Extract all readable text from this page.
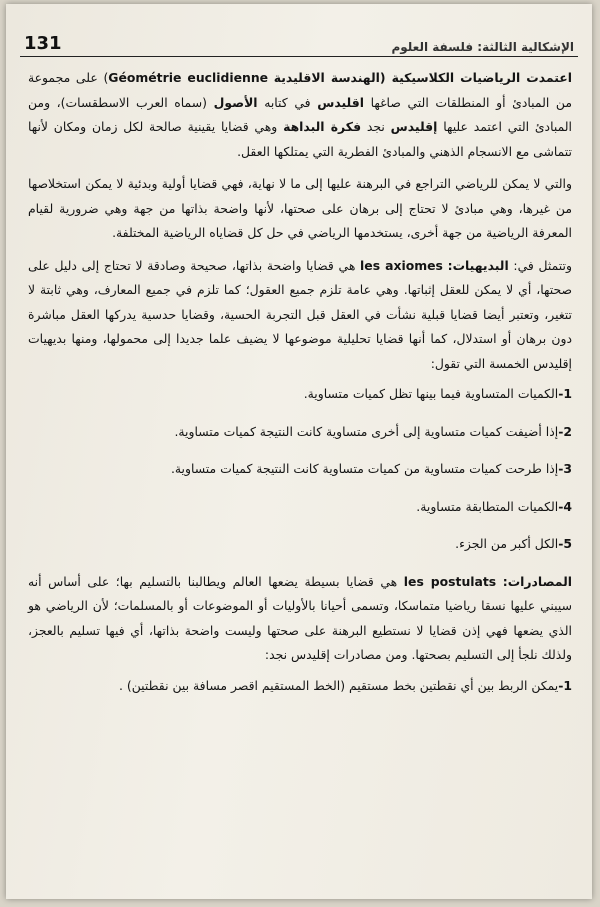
131	الإشكالية الثالثة: فلسفة العلوم

اعتمدت الرياضيات الكلاسيكية (الهندسة الاقليدية Géométrie euclidienne) على مجموعة من المبادئ أو المنطلقات التي صاغها اقليدس في كتابه الأصول (سماه العرب الاسطقسات)، ومن المبادئ التي اعتمد عليها إقليدس نجد فكرة البداهة وهي قضايا يقينية صالحة لكل زمان ومكان لأنها تتماشى مع الانسجام الذهني والمبادئ الفطرية التي يمتلكها العقل.

والتي لا يمكن للرياضي التراجع في البرهنة عليها إلى ما لا نهاية، فهي قضايا أولية وبدئية لا يمكن استخلاصها من غيرها، وهي مبادئ لا تحتاج إلى برهان على صحتها، لأنها واضحة بذاتها من جهة وهي ضرورية لقيام المعرفة الرياضية من جهة أخرى، يستخدمها الرياضي في حل كل قضاياه الرياضية المختلفة.

وتتمثل في: البديهيات: les axiomes هي قضايا واضحة بذاتها، صحيحة وصادقة لا تحتاج إلى دليل على صحتها، أي لا يمكن للعقل إثباتها. وهي عامة تلزم جميع العقول؛ كما تلزم في جميع المعارف، وهي ثابتة لا تتغير، وتعتبر أيضا قضايا قبلية نشأت في العقل قبل التجربة الحسية، وقضايا حدسية يدركها العقل مباشرة دون برهان أو استدلال، كما أنها قضايا تحليلية موضوعها لا يضيف علما جديدا إلى محمولها، ومنها بديهيات إقليدس الخمسة التي تقول:

1-الكميات المتساوية فيما بينها تظل كميات متساوية.
2-إذا أضيفت كميات متساوية إلى أخرى متساوية كانت النتيجة كميات متساوية.
3-إذا طرحت كميات متساوية من كميات متساوية كانت النتيجة كميات متساوية.
4-الكميات المتطابقة متساوية.
5-الكل أكبر من الجزء.

المصادرات: les postulats هي قضايا بسيطة يضعها العالم ويطالبنا بالتسليم بها؛ على أساس أنه سيبني عليها نسقا رياضيا متماسكا، وتسمى أحيانا بالأوليات أو الموضوعات أو بالمسلمات؛ لأن الرياضي هو الذي يضعها فهي إذن قضايا لا نستطيع البرهنة على صحتها وليست واضحة بذاتها، أي فيها تسليم بالعجز، ولذلك نلجأ إلى التسليم بصحتها. ومن مصادرات إقليدس نجد:

1-يمكن الربط بين أي نقطتين بخط مستقيم (الخط المستقيم اقصر مسافة بين نقطتين) .
